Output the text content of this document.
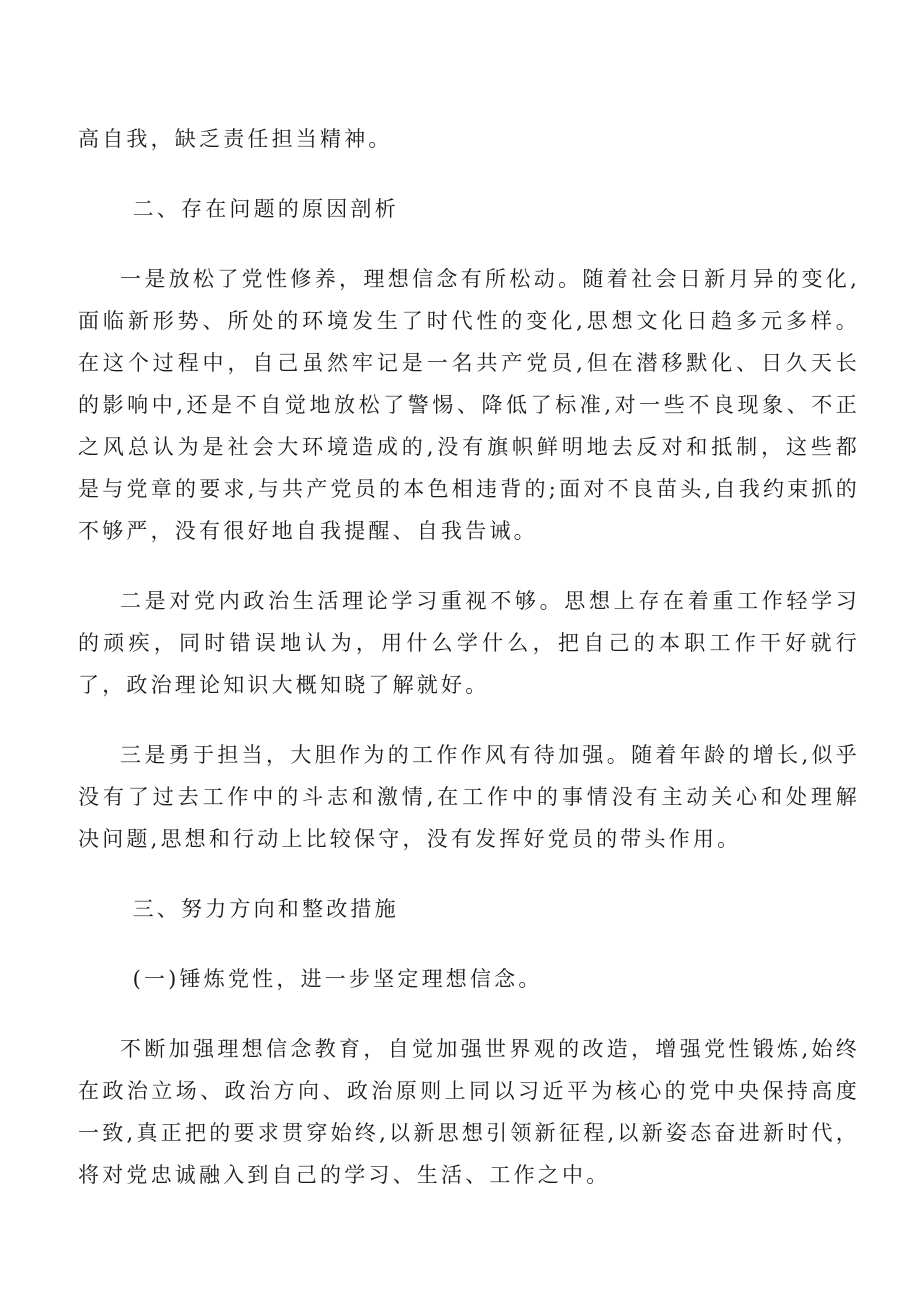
高自我，缺乏责任担当精神。

二、存在问题的原因剖析

一是放松了党性修养，理想信念有所松动。随着社会日新月异的变化,面临新形势、所处的环境发生了时代性的变化,思想文化日趋多元多样。在这个过程中，自己虽然牢记是一名共产党员,但在潜移默化、日久天长的影响中,还是不自觉地放松了警惕、降低了标准,对一些不良现象、不正之风总认为是社会大环境造成的,没有旗帜鲜明地去反对和抵制，这些都是与党章的要求,与共产党员的本色相违背的;面对不良苗头,自我约束抓的不够严，没有很好地自我提醒、自我告诫。

二是对党内政治生活理论学习重视不够。思想上存在着重工作轻学习的顽疾，同时错误地认为，用什么学什么，把自己的本职工作干好就行了，政治理论知识大概知晓了解就好。

三是勇于担当，大胆作为的工作作风有待加强。随着年龄的增长,似乎没有了过去工作中的斗志和激情,在工作中的事情没有主动关心和处理解决问题,思想和行动上比较保守，没有发挥好党员的带头作用。

三、努力方向和整改措施

(一)锤炼党性，进一步坚定理想信念。

不断加强理想信念教育，自觉加强世界观的改造，增强党性锻炼,始终在政治立场、政治方向、政治原则上同以习近平为核心的党中央保持高度一致,真正把的要求贯穿始终,以新思想引领新征程,以新姿态奋进新时代，将对党忠诚融入到自己的学习、生活、工作之中。
